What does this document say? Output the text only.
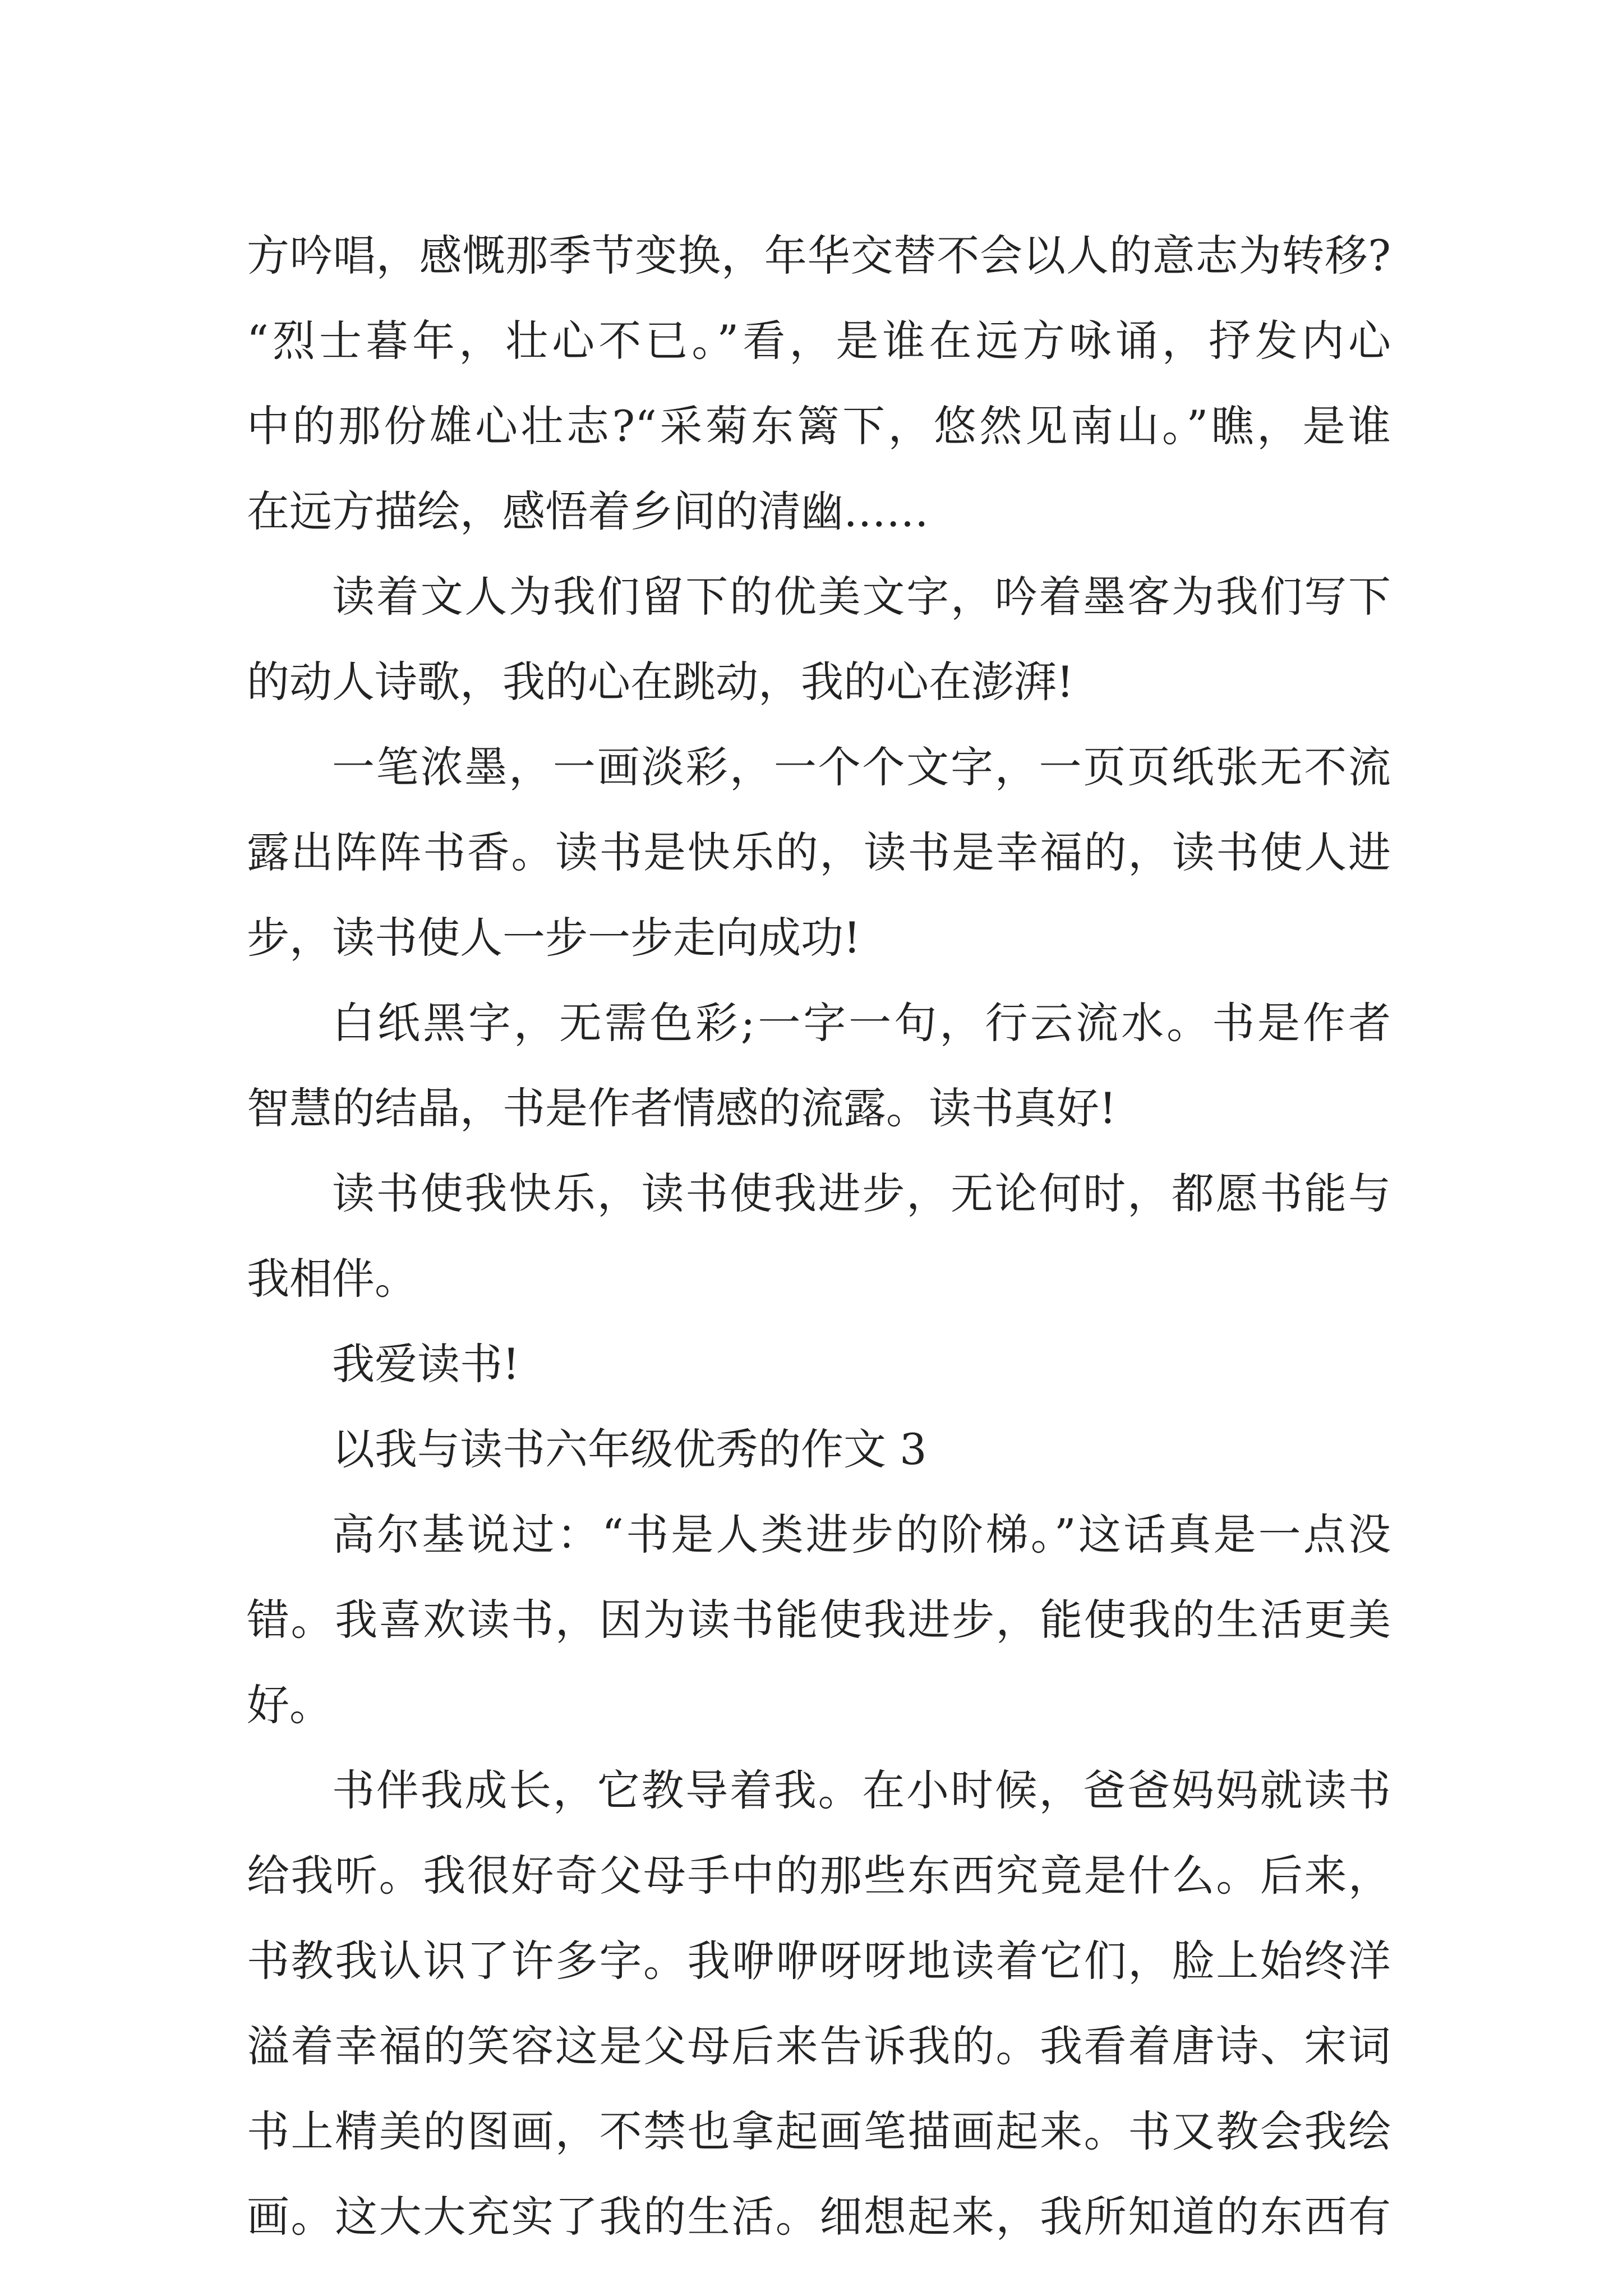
方吟唱，感慨那季节变换，年华交替不会以人的意志为转移?
“烈士暮年，壮心不已。”看，是谁在远方咏诵，抒发内心
中的那份雄心壮志?“采菊东篱下，悠然见南山。”瞧，是谁
在远方描绘，感悟着乡间的清幽……
读着文人为我们留下的优美文字，吟着墨客为我们写下
的动人诗歌，我的心在跳动，我的心在澎湃!
一笔浓墨，一画淡彩，一个个文字，一页页纸张无不流
露出阵阵书香。读书是快乐的，读书是幸福的，读书使人进
步，读书使人一步一步走向成功!
白纸黑字，无需色彩;一字一句，行云流水。书是作者
智慧的结晶，书是作者情感的流露。读书真好!
读书使我快乐，读书使我进步，无论何时，都愿书能与
我相伴。
我爱读书!
以我与读书六年级优秀的作文 3
高尔基说过：“书是人类进步的阶梯。”这话真是一点没
错。我喜欢读书，因为读书能使我进步，能使我的生活更美
好。
书伴我成长，它教导着我。在小时候，爸爸妈妈就读书
给我听。我很好奇父母手中的那些东西究竟是什么。后来，
书教我认识了许多字。我咿咿呀呀地读着它们，脸上始终洋
溢着幸福的笑容这是父母后来告诉我的。我看着唐诗、宋词
书上精美的图画，不禁也拿起画笔描画起来。书又教会我绘
画。这大大充实了我的生活。细想起来，我所知道的东西有
